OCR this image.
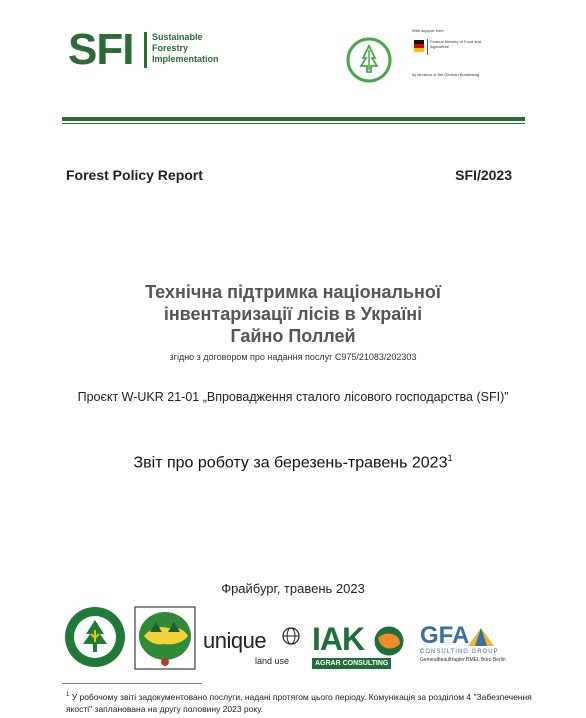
SFI Sustainable
Forestry
Implementation
With support from
Federal Ministry of Food and Agriculture
by decision of the German Bundestag
Forest Policy Report	SFI/2023
Технічна підтримка національної
інвентаризації лісів в Україні
Гайно Поллей
згідно з договором про надання послуг C975/21083/202303
Проєкт W-UKR 21-01 „Впровадження сталого лісового господарства (SFI)”
Звіт про роботу за березень-травень 2023$^1$
Фрайбург, травень 2023
unique
land use
IAK
AGRAR CONSULTING
GFA
CONSULTING GROUP
Generalbeauftragter BMEL Büro Berlin
$^1$ У робочому звіті задокументовано послуги, надані протягом цього періоду. Комунікація за розділом 4 "Забезпечення якості" запланована на другу половину 2023 року.
